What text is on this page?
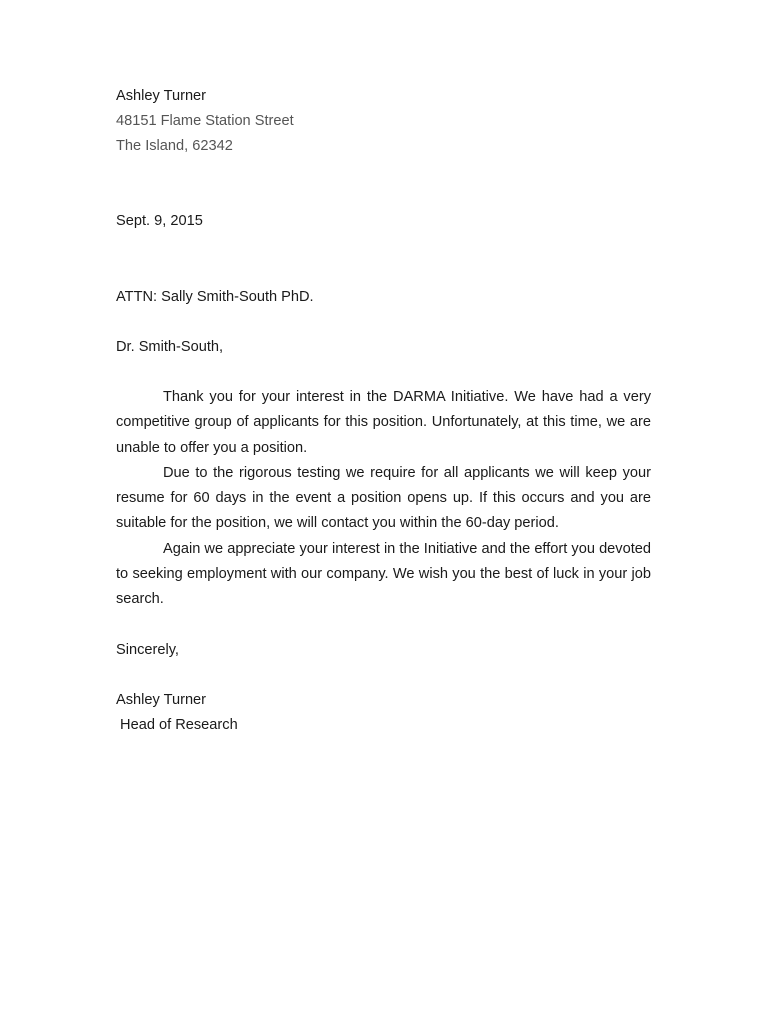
Ashley Turner
48151 Flame Station Street
The Island, 62342
Sept. 9, 2015
ATTN: Sally Smith-South PhD.
Dr. Smith-South,

Thank you for your interest in the DARMA Initiative. We have had a very competitive group of applicants for this position. Unfortunately, at this time, we are unable to offer you a position.

Due to the rigorous testing we require for all applicants we will keep your resume for 60 days in the event a position opens up. If this occurs and you are suitable for the position, we will contact you within the 60-day period.

Again we appreciate your interest in the Initiative and the effort you devoted to seeking employment with our company. We wish you the best of luck in your job search.

Sincerely,
Ashley Turner
Head of Research
